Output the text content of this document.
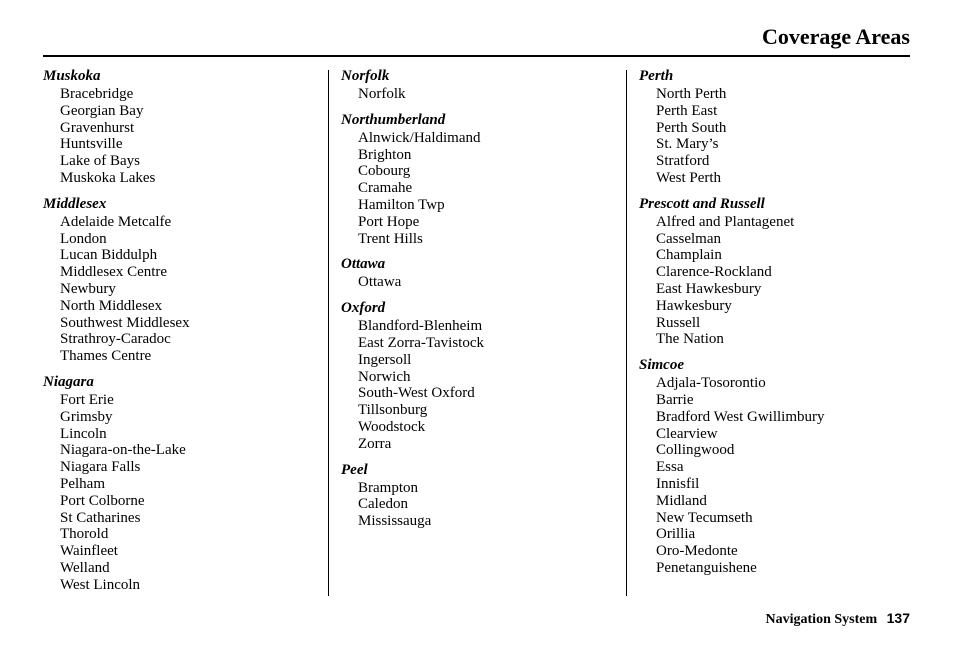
Coverage Areas
Muskoka
Bracebridge
Georgian Bay
Gravenhurst
Huntsville
Lake of Bays
Muskoka Lakes
Middlesex
Adelaide Metcalfe
London
Lucan Biddulph
Middlesex Centre
Newbury
North Middlesex
Southwest Middlesex
Strathroy-Caradoc
Thames Centre
Niagara
Fort Erie
Grimsby
Lincoln
Niagara-on-the-Lake
Niagara Falls
Pelham
Port Colborne
St Catharines
Thorold
Wainfleet
Welland
West Lincoln
Norfolk
Norfolk
Northumberland
Alnwick/Haldimand
Brighton
Cobourg
Cramahe
Hamilton Twp
Port Hope
Trent Hills
Ottawa
Ottawa
Oxford
Blandford-Blenheim
East Zorra-Tavistock
Ingersoll
Norwich
South-West Oxford
Tillsonburg
Woodstock
Zorra
Peel
Brampton
Caledon
Mississauga
Perth
North Perth
Perth East
Perth South
St. Mary’s
Stratford
West Perth
Prescott and Russell
Alfred and Plantagenet
Casselman
Champlain
Clarence-Rockland
East Hawkesbury
Hawkesbury
Russell
The Nation
Simcoe
Adjala-Tosorontio
Barrie
Bradford West Gwillimbury
Clearview
Collingwood
Essa
Innisfil
Midland
New Tecumseth
Orillia
Oro-Medonte
Penetanguishene
Navigation System 137
